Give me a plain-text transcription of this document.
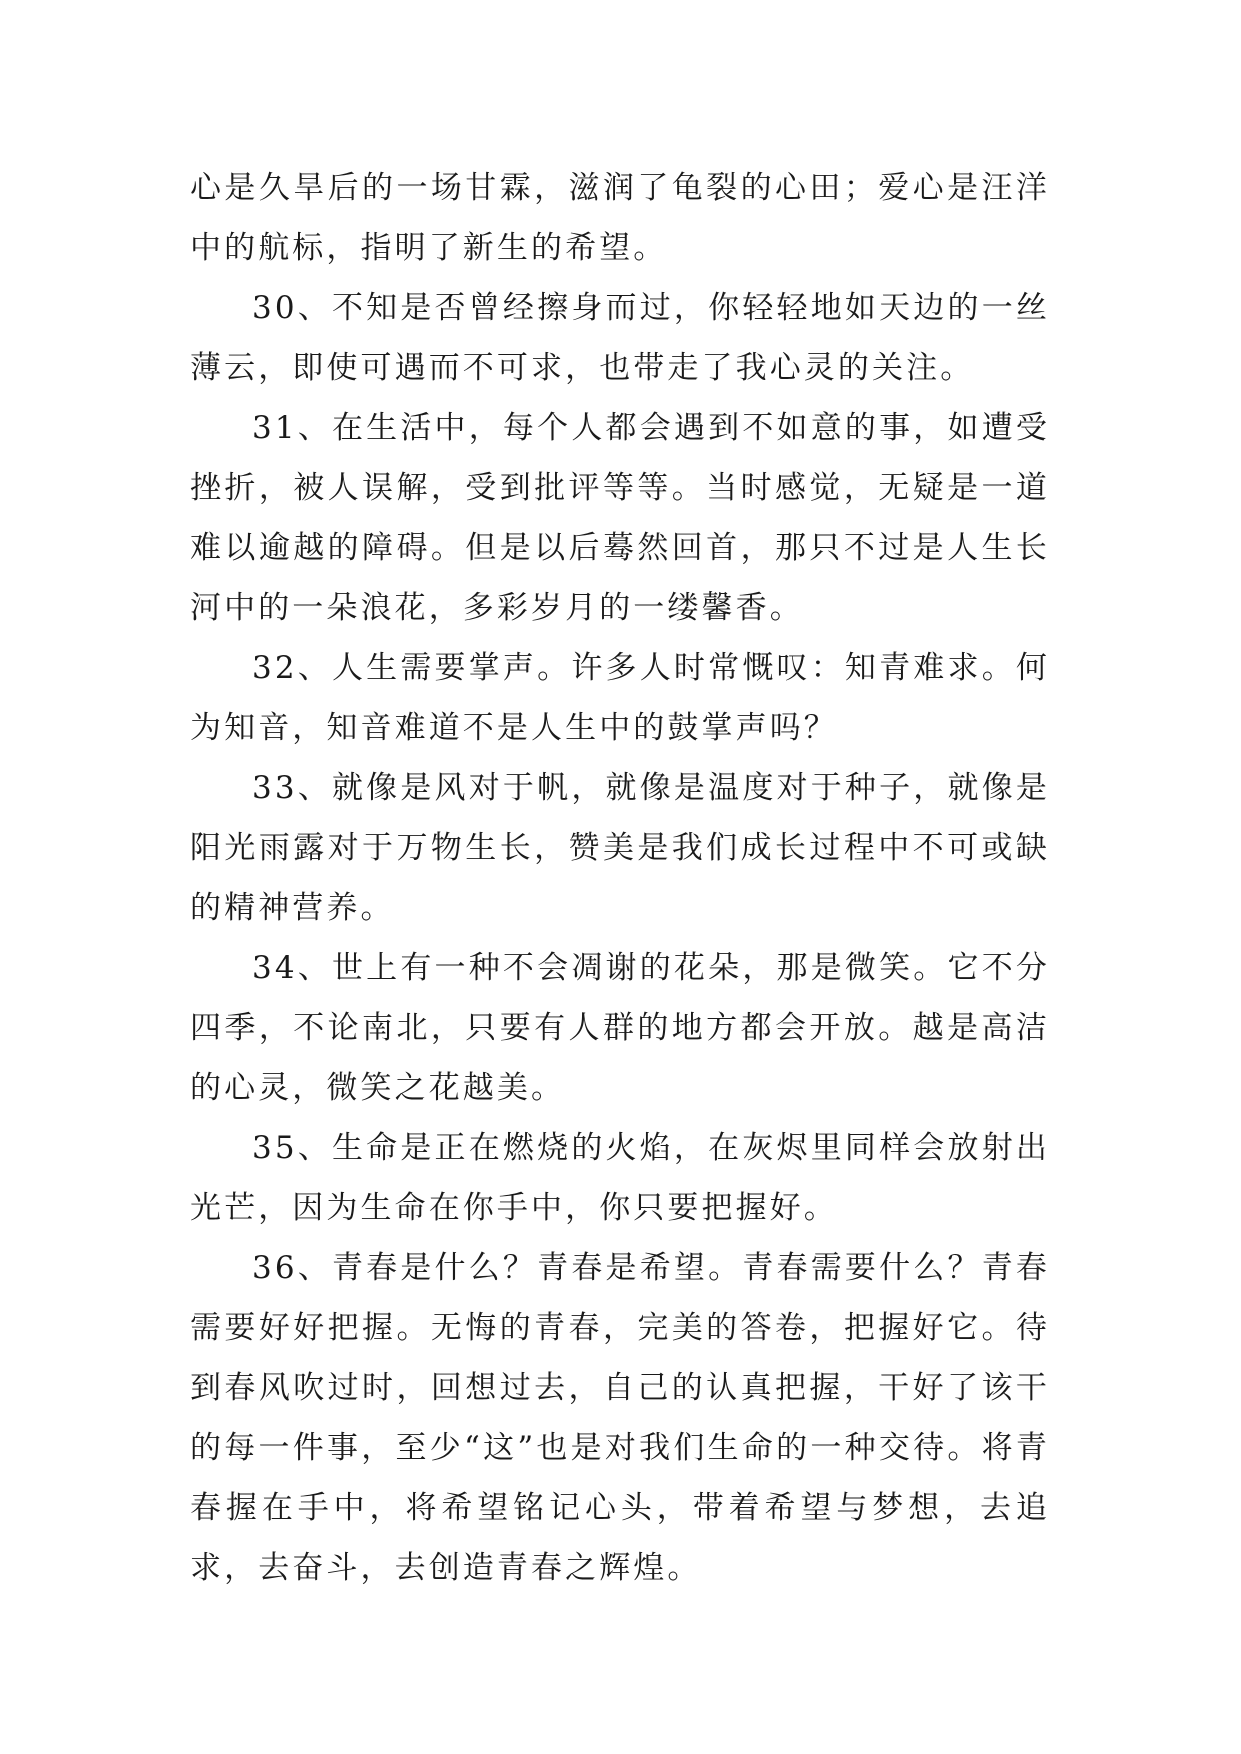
心是久旱后的一场甘霖，滋润了龟裂的心田；爱心是汪洋中的航标，指明了新生的希望。

30、不知是否曾经擦身而过，你轻轻地如天边的一丝薄云，即使可遇而不可求，也带走了我心灵的关注。

31、在生活中，每个人都会遇到不如意的事，如遭受挫折，被人误解，受到批评等等。当时感觉，无疑是一道难以逾越的障碍。但是以后蓦然回首，那只不过是人生长河中的一朵浪花，多彩岁月的一缕馨香。

32、人生需要掌声。许多人时常慨叹：知青难求。何为知音，知音难道不是人生中的鼓掌声吗？

33、就像是风对于帆，就像是温度对于种子，就像是阳光雨露对于万物生长，赞美是我们成长过程中不可或缺的精神营养。

34、世上有一种不会凋谢的花朵，那是微笑。它不分四季，不论南北，只要有人群的地方都会开放。越是高洁的心灵，微笑之花越美。

35、生命是正在燃烧的火焰，在灰烬里同样会放射出光芒，因为生命在你手中，你只要把握好。

36、青春是什么？青春是希望。青春需要什么？青春需要好好把握。无悔的青春，完美的答卷，把握好它。待到春风吹过时，回想过去，自己的认真把握，干好了该干的每一件事，至少“这”也是对我们生命的一种交待。将青春握在手中，将希望铭记心头，带着希望与梦想，去追求，去奋斗，去创造青春之辉煌。
